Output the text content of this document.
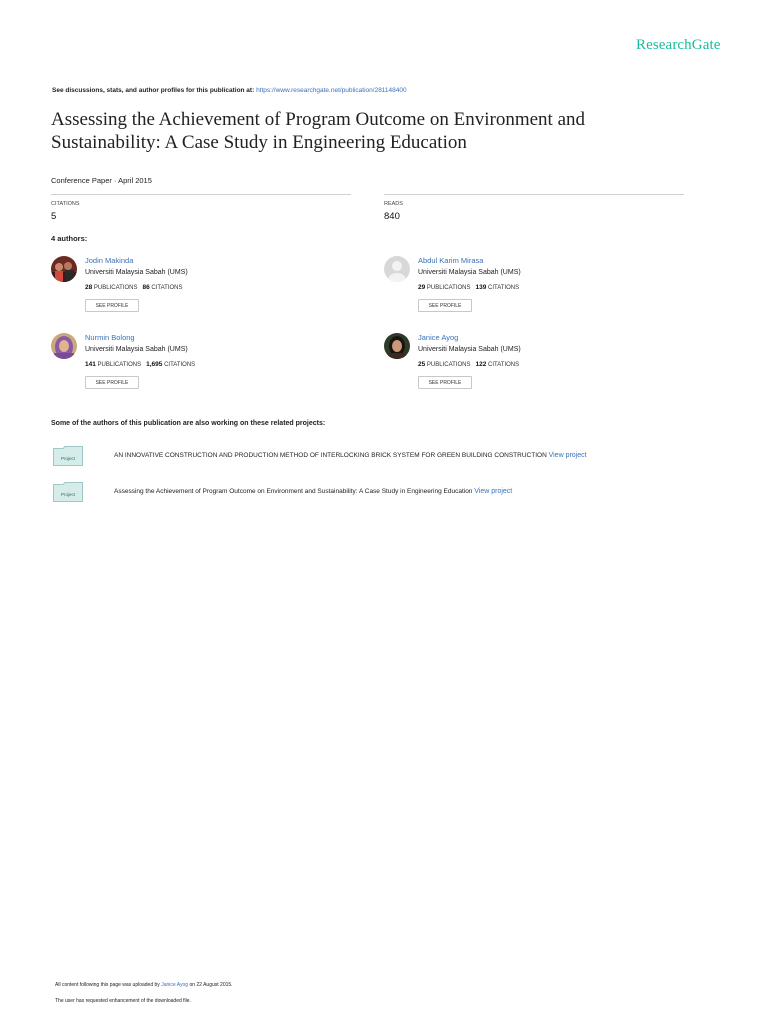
ResearchGate
See discussions, stats, and author profiles for this publication at: https://www.researchgate.net/publication/281148400
Assessing the Achievement of Program Outcome on Environment and Sustainability: A Case Study in Engineering Education
Conference Paper · April 2015
CITATIONS
5
READS
840
4 authors:
Jodin Makinda
Universiti Malaysia Sabah (UMS)
28 PUBLICATIONS 86 CITATIONS
SEE PROFILE
Abdul Karim Mirasa
Universiti Malaysia Sabah (UMS)
29 PUBLICATIONS 139 CITATIONS
SEE PROFILE
Nurmin Bolong
Universiti Malaysia Sabah (UMS)
141 PUBLICATIONS 1,695 CITATIONS
SEE PROFILE
Janice Ayog
Universiti Malaysia Sabah (UMS)
25 PUBLICATIONS 122 CITATIONS
SEE PROFILE
Some of the authors of this publication are also working on these related projects:
Project	AN INNOVATIVE CONSTRUCTION AND PRODUCTION METHOD OF INTERLOCKING BRICK SYSTEM FOR GREEN BUILDING CONSTRUCTION View project
Project	Assessing the Achievement of Program Outcome on Environment and Sustainability: A Case Study in Engineering Education View project
All content following this page was uploaded by Janice Ayog on 22 August 2015.
The user has requested enhancement of the downloaded file.
